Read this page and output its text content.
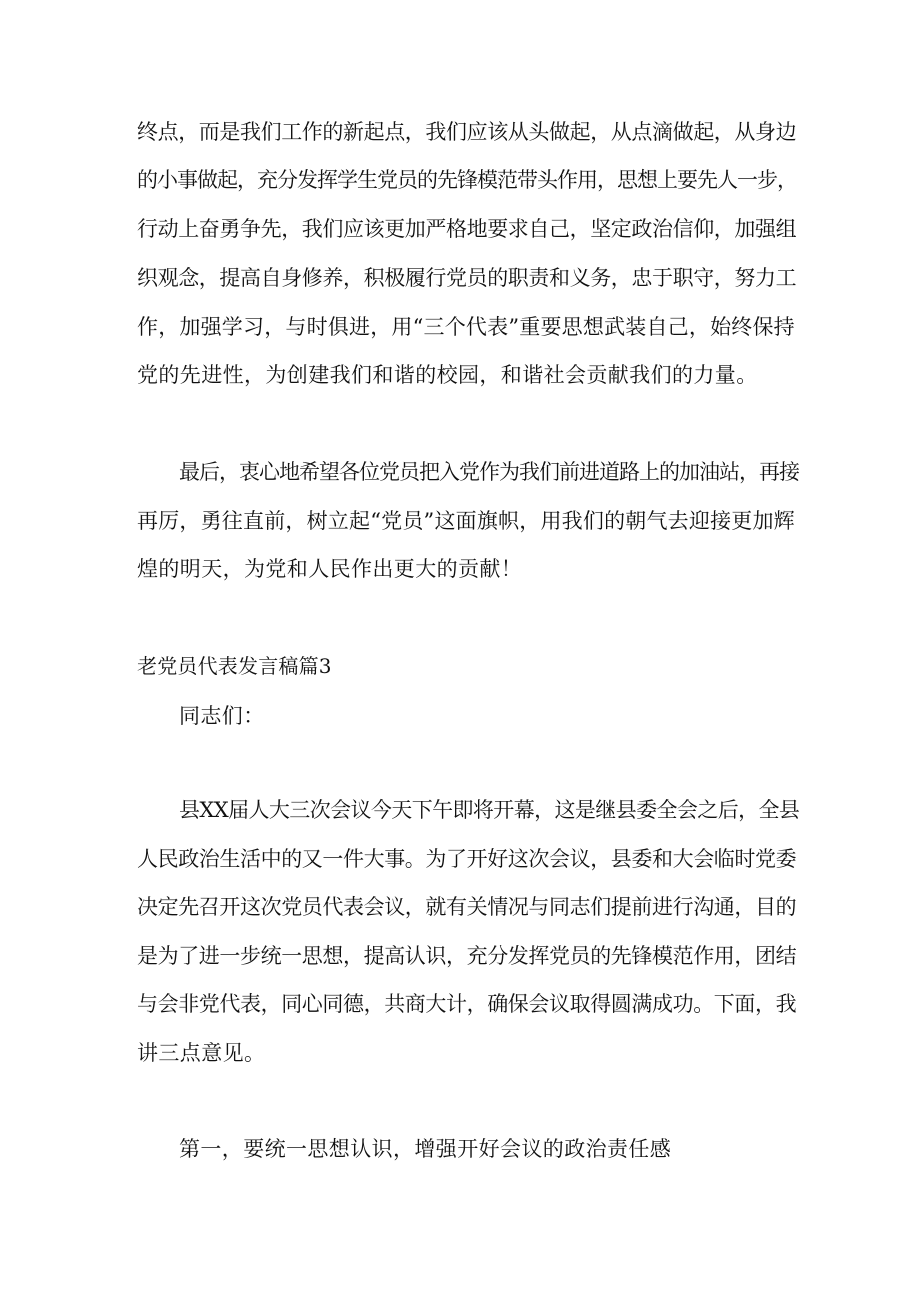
终点，而是我们工作的新起点，我们应该从头做起，从点滴做起，从身边
的小事做起，充分发挥学生党员的先锋模范带头作用，思想上要先人一步，
行动上奋勇争先，我们应该更加严格地要求自己，坚定政治信仰，加强组
织观念，提高自身修养，积极履行党员的职责和义务，忠于职守，努力工
作，加强学习，与时俱进，用“三个代表”重要思想武装自己，始终保持
党的先进性，为创建我们和谐的校园，和谐社会贡献我们的力量。
最后，衷心地希望各位党员把入党作为我们前进道路上的加油站，再接
再厉，勇往直前，树立起“党员”这面旗帜，用我们的朝气去迎接更加辉
煌的明天，为党和人民作出更大的贡献！
老党员代表发言稿篇3
同志们：
县XX届人大三次会议今天下午即将开幕，这是继县委全会之后，全县
人民政治生活中的又一件大事。为了开好这次会议，县委和大会临时党委
决定先召开这次党员代表会议，就有关情况与同志们提前进行沟通，目的
是为了进一步统一思想，提高认识，充分发挥党员的先锋模范作用，团结
与会非党代表，同心同德，共商大计，确保会议取得圆满成功。下面，我
讲三点意见。
第一，要统一思想认识，增强开好会议的政治责任感
